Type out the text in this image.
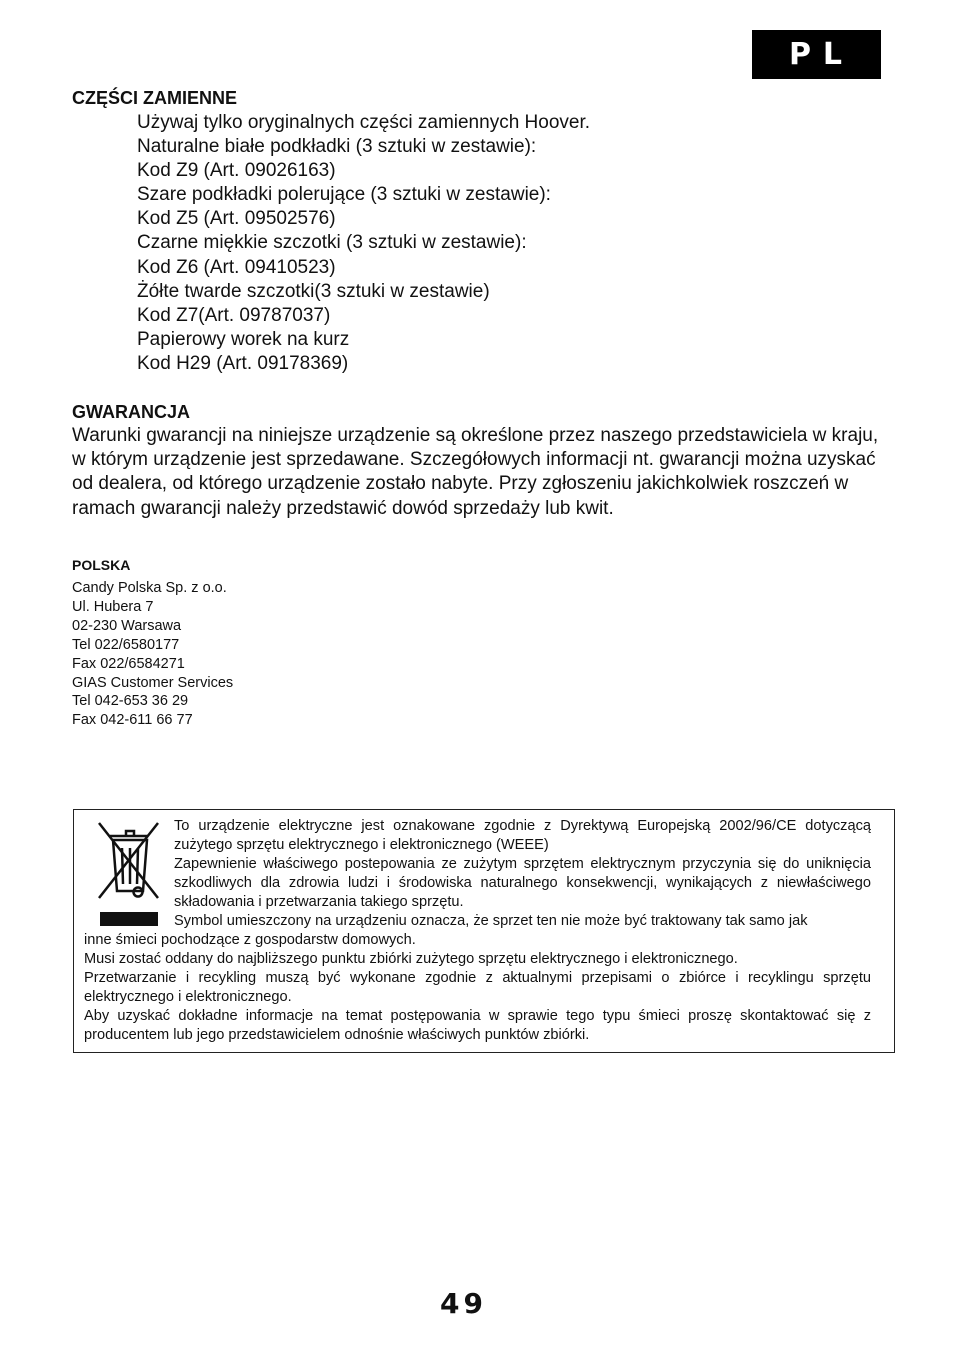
PL
CZĘŚCI ZAMIENNE
Używaj tylko oryginalnych części zamiennych Hoover.
Naturalne białe podkładki (3 sztuki w zestawie):
Kod Z9 (Art. 09026163)
Szare podkładki polerujące (3 sztuki w zestawie):
Kod Z5 (Art. 09502576)
Czarne miękkie szczotki (3 sztuki w zestawie):
Kod Z6 (Art. 09410523)
Żółte twarde szczotki(3 sztuki w zestawie)
Kod Z7(Art. 09787037)
Papierowy worek na kurz
Kod H29 (Art. 09178369)
GWARANCJA
Warunki gwarancji na niniejsze urządzenie są określone przez naszego przedstawiciela w kraju, w którym urządzenie jest sprzedawane. Szczegółowych informacji nt. gwarancji można uzyskać od dealera, od którego urządzenie zostało nabyte. Przy zgłoszeniu jakichkolwiek roszczeń w ramach gwarancji należy przedstawić dowód sprzedaży lub kwit.
POLSKA
Candy Polska Sp. z o.o.
Ul. Hubera 7
02-230 Warsawa
Tel 022/6580177
Fax 022/6584271
GIAS Customer Services
Tel 042-653 36 29
Fax 042-611 66 77

To urządzenie elektryczne jest oznakowane zgodnie z Dyrektywą Europejską 2002/96/CE dotyczącą zużytego sprzętu elektrycznego i elektronicznego (WEEE)

Zapewnienie właściwego postepowania ze zużytym sprzętem elektrycznym przyczynia się do uniknięcia szkodliwych dla zdrowia ludzi i środowiska naturalnego konsekwencji, wynikających z niewłaściwego składowania i przetwarzania takiego sprzętu.

Symbol umieszczony na urządzeniu oznacza, że sprzet ten nie może być traktowany tak samo jak

inne śmieci pochodzące z gospodarstw domowych.

Musi zostać oddany do najbliższego punktu zbiórki zużytego sprzętu elektrycznego i elektronicznego.

Przetwarzanie i recykling muszą być wykonane zgodnie z aktualnymi przepisami o zbiórce i recyklingu sprzętu elektrycznego i elektronicznego.

Aby uzyskać dokładne informacje na temat postępowania w sprawie tego typu śmieci proszę skontaktować się z producentem lub jego przedstawicielem odnośnie właściwych punktów zbiórki.

49
